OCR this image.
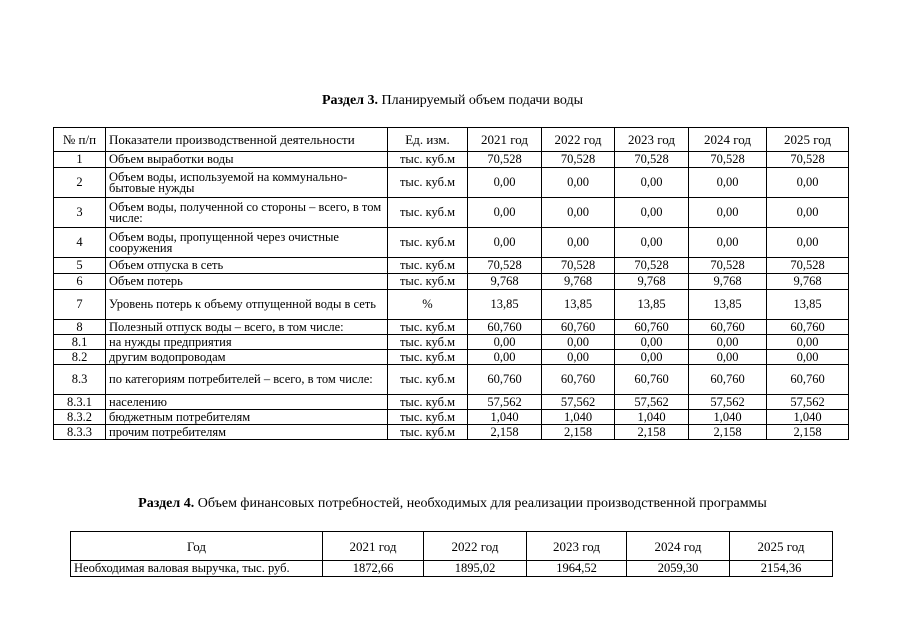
Раздел 3. Планируемый объем подачи воды
№ п/п	Показатели производственной деятельности	Ед. изм.	2021 год	2022 год	2023 год	2024 год	2025 год
1	Объем выработки воды	тыс. куб.м	70,528	70,528	70,528	70,528	70,528
2	Объем воды, используемой на коммунально-бытовые нужды	тыс. куб.м	0,00	0,00	0,00	0,00	0,00
3	Объем воды, полученной со стороны – всего, в том числе:	тыс. куб.м	0,00	0,00	0,00	0,00	0,00
4	Объем воды, пропущенной через очистные сооружения	тыс. куб.м	0,00	0,00	0,00	0,00	0,00
5	Объем отпуска в сеть	тыс. куб.м	70,528	70,528	70,528	70,528	70,528
6	Объем потерь	тыс. куб.м	9,768	9,768	9,768	9,768	9,768
7	Уровень потерь к объему отпущенной воды в сеть	%	13,85	13,85	13,85	13,85	13,85
8	Полезный отпуск воды – всего, в том числе:	тыс. куб.м	60,760	60,760	60,760	60,760	60,760
8.1	на нужды предприятия	тыс. куб.м	0,00	0,00	0,00	0,00	0,00
8.2	другим водопроводам	тыс. куб.м	0,00	0,00	0,00	0,00	0,00
8.3	по категориям потребителей – всего, в том числе:	тыс. куб.м	60,760	60,760	60,760	60,760	60,760
8.3.1	населению	тыс. куб.м	57,562	57,562	57,562	57,562	57,562
8.3.2	бюджетным потребителям	тыс. куб.м	1,040	1,040	1,040	1,040	1,040
8.3.3	прочим потребителям	тыс. куб.м	2,158	2,158	2,158	2,158	2,158
Раздел 4. Объем финансовых потребностей, необходимых для реализации производственной программы
Год	2021 год	2022 год	2023 год	2024 год	2025 год
Необходимая валовая выручка, тыс. руб.	1872,66	1895,02	1964,52	2059,30	2154,36
